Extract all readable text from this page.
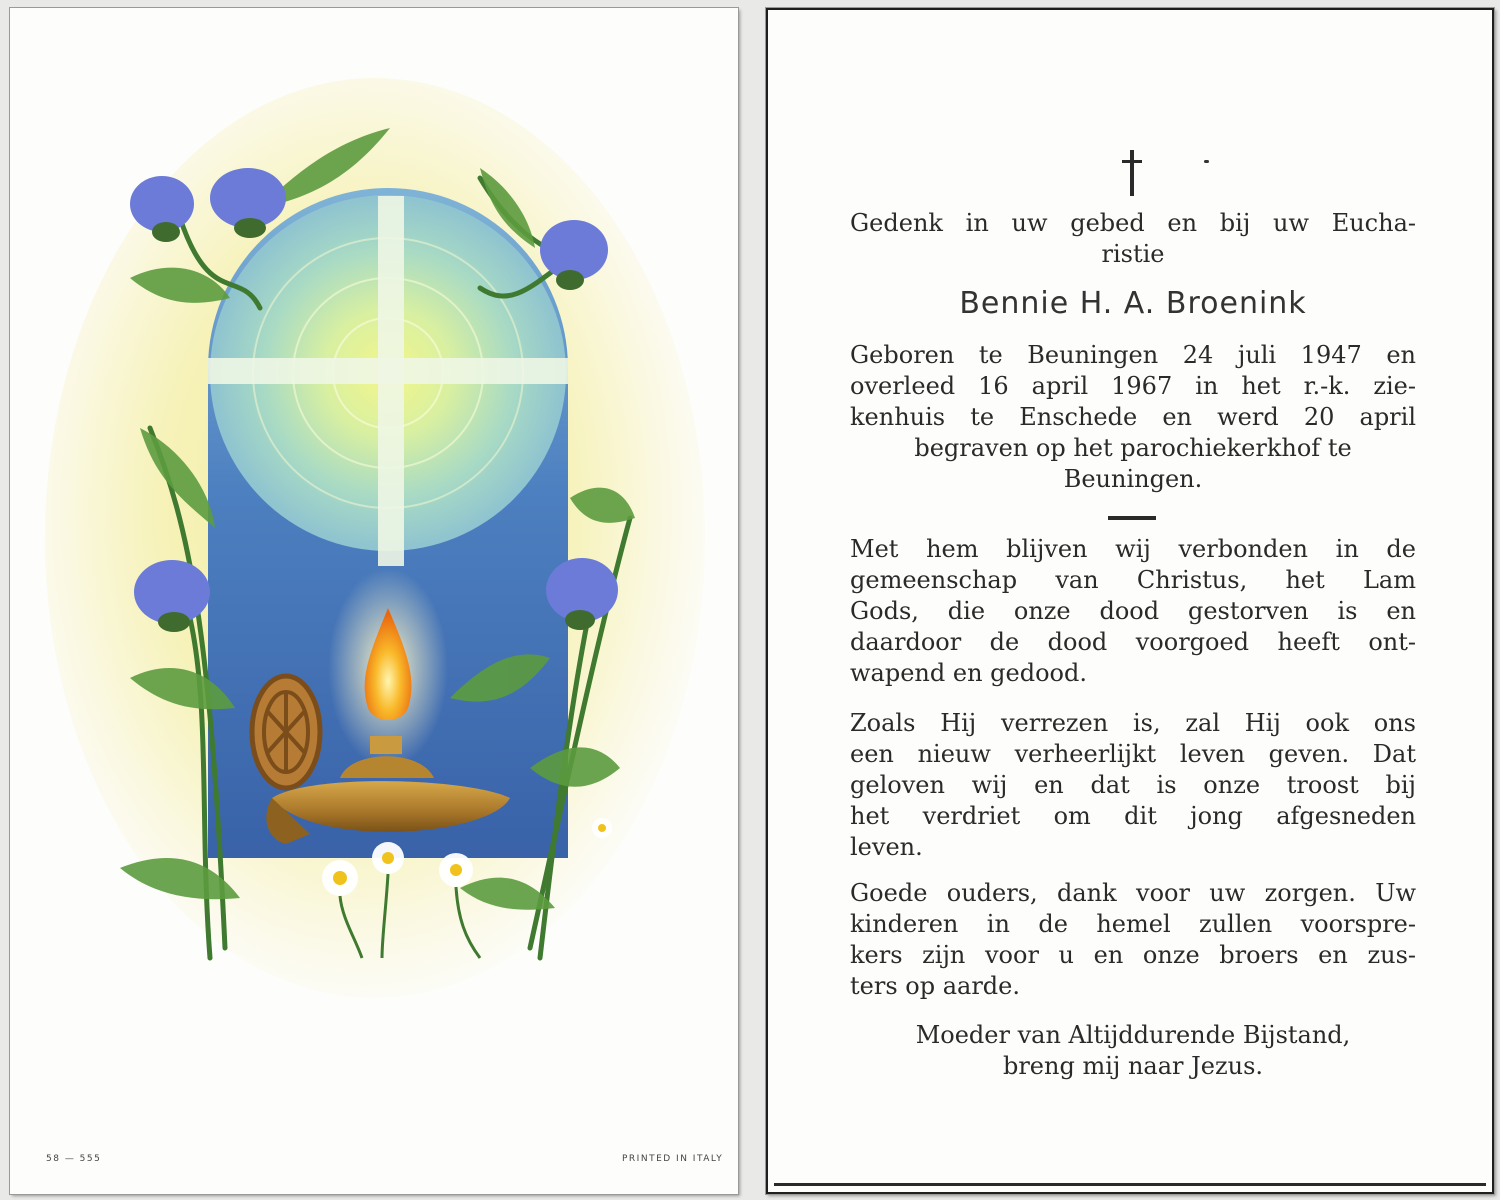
58 — 555	PRINTED IN ITALY
Gedenk in uw gebed en bij uw Eucha-
ristie
Bennie H. A. Broenink
Geboren te Beuningen 24 juli 1947 en
overleed 16 april 1967 in het r.-k. zie-
kenhuis te Enschede en werd 20 april
begraven op het parochiekerkhof te
Beuningen.
Met hem blijven wij verbonden in de
gemeenschap van Christus, het Lam
Gods, die onze dood gestorven is en
daardoor de dood voorgoed heeft ont-
wapend en gedood.
Zoals Hij verrezen is, zal Hij ook ons
een nieuw verheerlijkt leven geven. Dat
geloven wij en dat is onze troost bij
het verdriet om dit jong afgesneden
leven.
Goede ouders, dank voor uw zorgen. Uw
kinderen in de hemel zullen voorspre-
kers zijn voor u en onze broers en zus-
ters op aarde.
Moeder van Altijddurende Bijstand,
breng mij naar Jezus.
